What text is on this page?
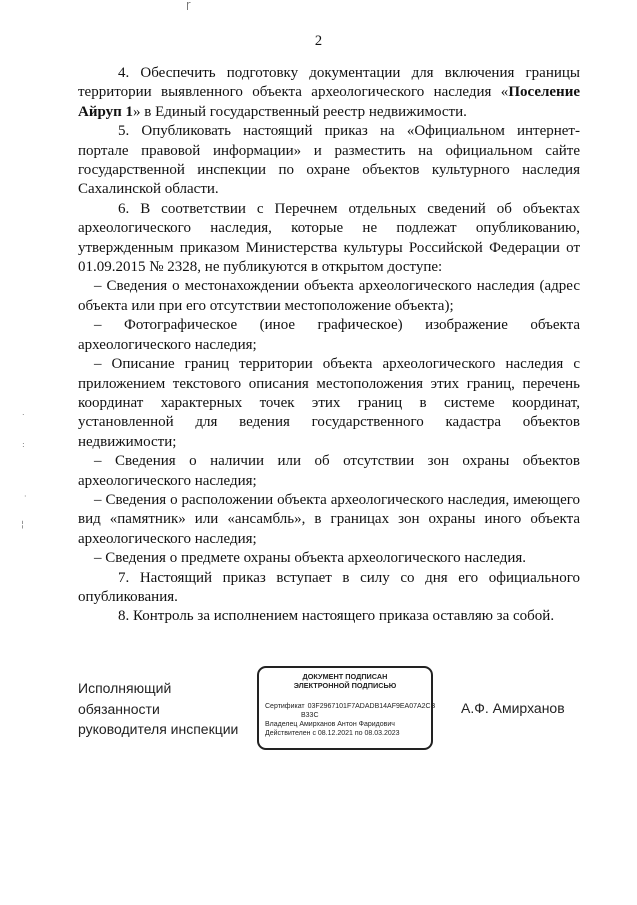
ɼ
.
:
·
¦
2

4. Обеспечить подготовку документации для включения границы территории выявленного объекта археологического наследия «Поселение Айруп 1» в Единый государственный реестр недвижимости.

5. Опубликовать настоящий приказ на «Официальном интернет-портале правовой информации» и разместить на официальном сайте государственной инспекции по охране объектов культурного наследия Сахалинской области.

6. В соответствии с Перечнем отдельных сведений об объектах археологического наследия, которые не подлежат опубликованию, утвержденным приказом Министерства культуры Российской Федерации от 01.09.2015 № 2328, не публикуются в открытом доступе:

– Сведения о местонахождении объекта археологического наследия (адрес объекта или при его отсутствии местоположение объекта);

– Фотографическое (иное графическое) изображение объекта археологического наследия;

– Описание границ территории объекта археологического наследия с приложением текстового описания местоположения этих границ, перечень координат характерных точек этих границ в системе координат, установленной для ведения государственного кадастра объектов недвижимости;

– Сведения о наличии или об отсутствии зон охраны объектов археологического наследия;

– Сведения о расположении объекта археологического наследия, имеющего вид «памятник» или «ансамбль», в границах зон охраны иного объекта археологического наследия;

– Сведения о предмете охраны объекта археологического наследия.

7. Настоящий приказ вступает в силу со дня его официального опубликования.

8. Контроль за исполнением настоящего приказа оставляю за собой.

Исполняющий
обязанности
руководителя инспекции
ДОКУМЕНТ ПОДПИСАН
ЭЛЕКТРОННОЙ ПОДПИСЬЮ
Сертификат 03F2967101F7ADADB14AF9EA07A2CB
B33C
Владелец Амирханов Антон Фаридович
Действителен с 08.12.2021 по 08.03.2023
А.Ф. Амирханов
